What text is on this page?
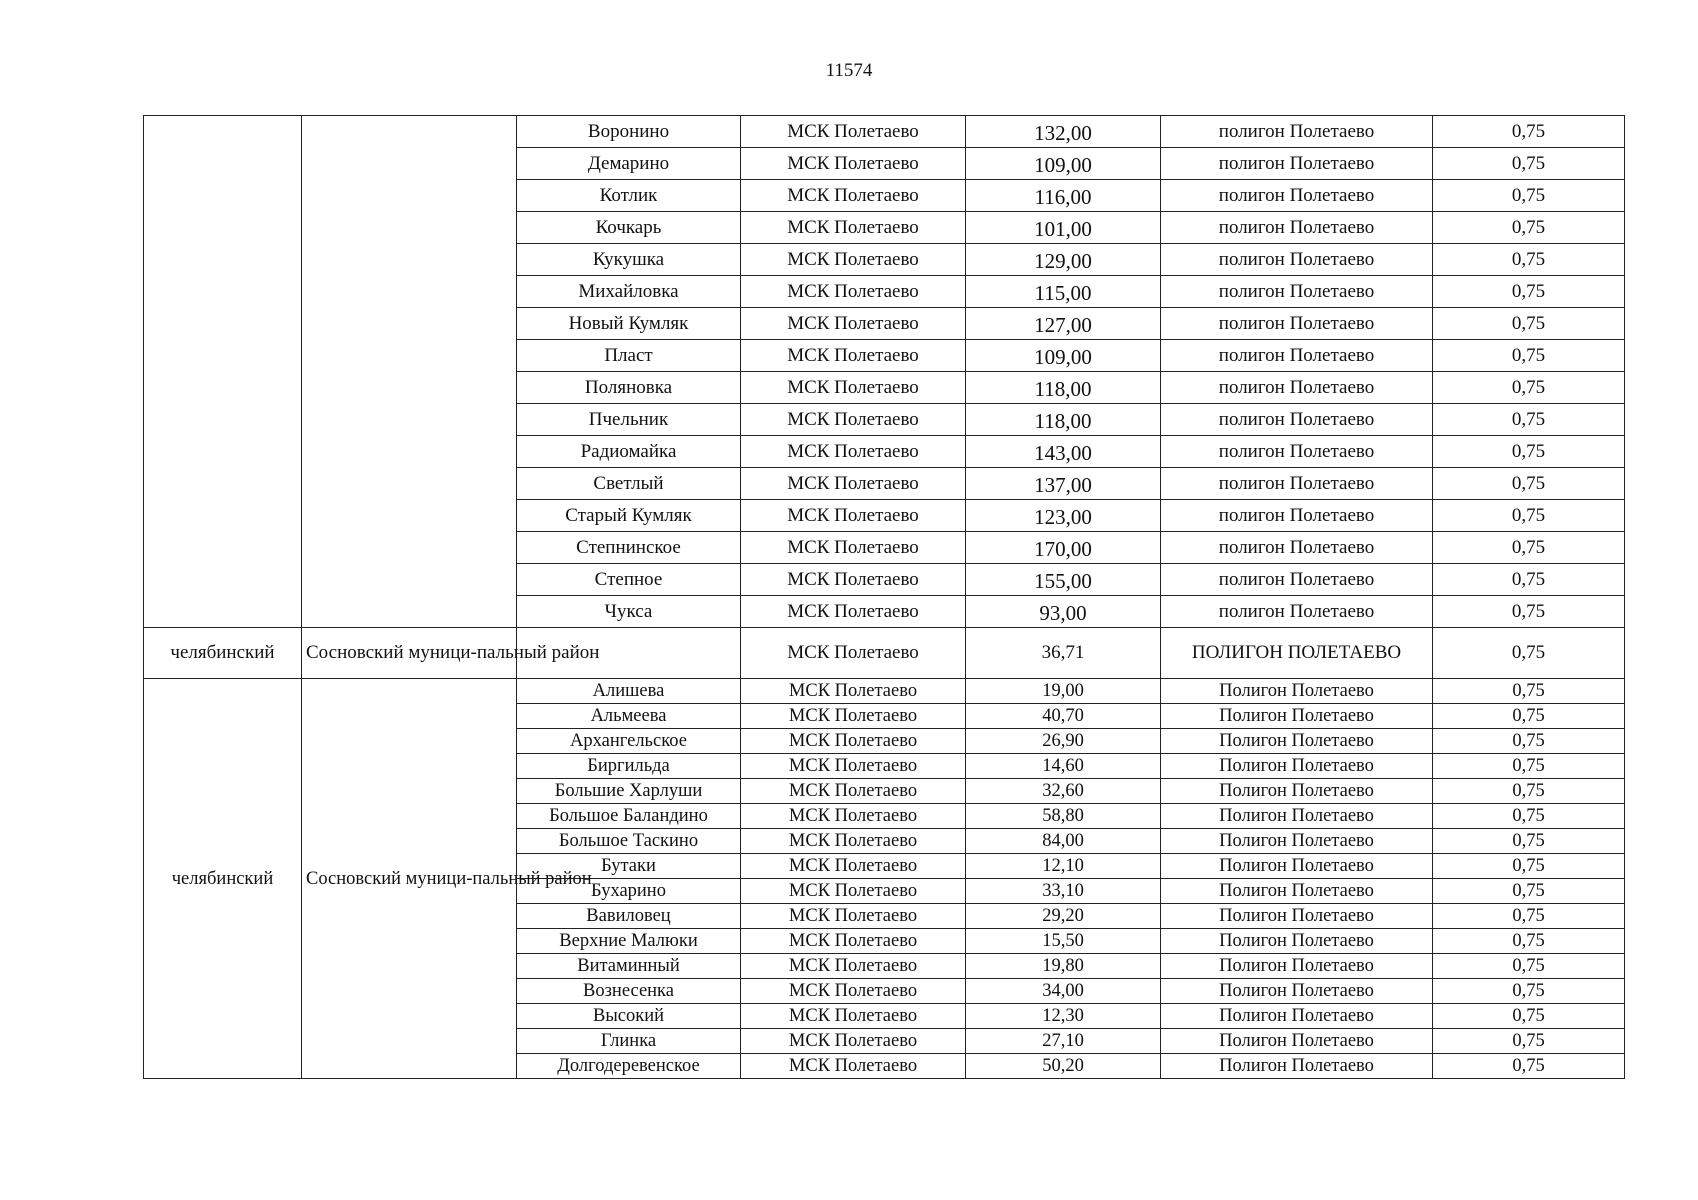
11574
		Воронино	МСК Полетаево	132,00	полигон Полетаево	0,75
		Демарино	МСК Полетаево	109,00	полигон Полетаево	0,75
		Котлик	МСК Полетаево	116,00	полигон Полетаево	0,75
		Кочкарь	МСК Полетаево	101,00	полигон Полетаево	0,75
		Кукушка	МСК Полетаево	129,00	полигон Полетаево	0,75
		Михайловка	МСК Полетаево	115,00	полигон Полетаево	0,75
		Новый Кумляк	МСК Полетаево	127,00	полигон Полетаево	0,75
		Пласт	МСК Полетаево	109,00	полигон Полетаево	0,75
		Поляновка	МСК Полетаево	118,00	полигон Полетаево	0,75
		Пчельник	МСК Полетаево	118,00	полигон Полетаево	0,75
		Радиомайка	МСК Полетаево	143,00	полигон Полетаево	0,75
		Светлый	МСК Полетаево	137,00	полигон Полетаево	0,75
		Старый Кумляк	МСК Полетаево	123,00	полигон Полетаево	0,75
		Степнинское	МСК Полетаево	170,00	полигон Полетаево	0,75
		Степное	МСК Полетаево	155,00	полигон Полетаево	0,75
		Чукса	МСК Полетаево	93,00	полигон Полетаево	0,75
челябинский	Сосновский муници-пальный район		МСК Полетаево	36,71	ПОЛИГОН ПОЛЕТАЕВО	0,75
челябинский	Сосновский муници-пальный район	Алишева	МСК Полетаево	19,00	Полигон Полетаево	0,75
		Альмеева	МСК Полетаево	40,70	Полигон Полетаево	0,75
		Архангельское	МСК Полетаево	26,90	Полигон Полетаево	0,75
		Биргильда	МСК Полетаево	14,60	Полигон Полетаево	0,75
		Большие Харлуши	МСК Полетаево	32,60	Полигон Полетаево	0,75
		Большое Баландино	МСК Полетаево	58,80	Полигон Полетаево	0,75
		Большое Таскино	МСК Полетаево	84,00	Полигон Полетаево	0,75
		Бутаки	МСК Полетаево	12,10	Полигон Полетаево	0,75
		Бухарино	МСК Полетаево	33,10	Полигон Полетаево	0,75
		Вавиловец	МСК Полетаево	29,20	Полигон Полетаево	0,75
		Верхние Малюки	МСК Полетаево	15,50	Полигон Полетаево	0,75
		Витаминный	МСК Полетаево	19,80	Полигон Полетаево	0,75
		Вознесенка	МСК Полетаево	34,00	Полигон Полетаево	0,75
		Высокий	МСК Полетаево	12,30	Полигон Полетаево	0,75
		Глинка	МСК Полетаево	27,10	Полигон Полетаево	0,75
		Долгодеревенское	МСК Полетаево	50,20	Полигон Полетаево	0,75
